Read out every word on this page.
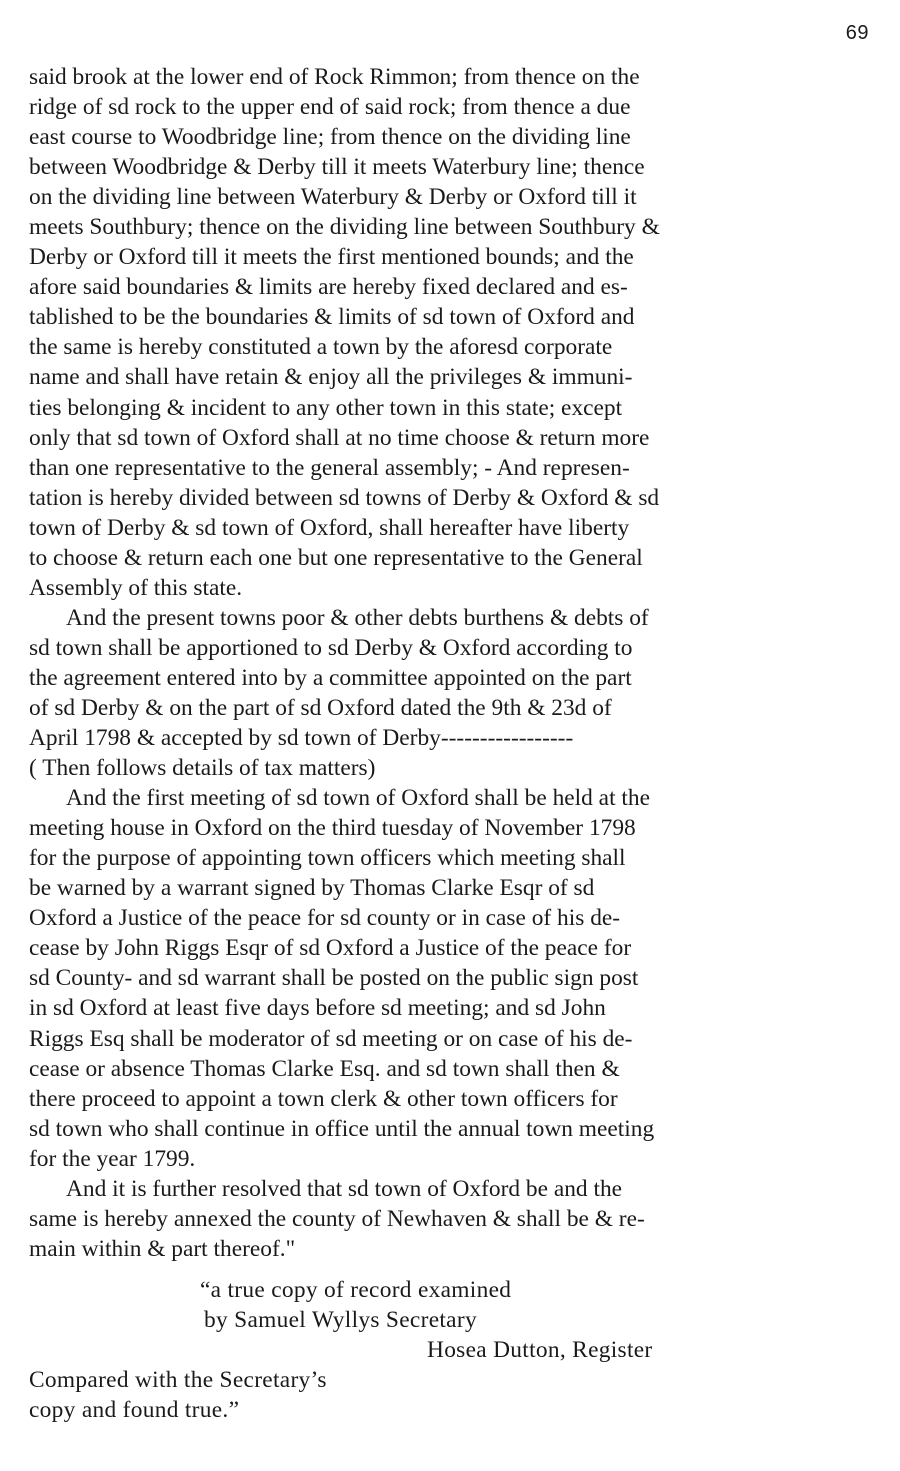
69
said brook at the lower end of Rock Rimmon; from thence on the
ridge of sd rock to the upper end of said rock; from thence a due
east course to Woodbridge line; from thence on the dividing line
between Woodbridge & Derby till it meets Waterbury line; thence
on the dividing line between Waterbury & Derby or Oxford till it
meets Southbury; thence on the dividing line between Southbury &
Derby or Oxford till it meets the first mentioned bounds; and the
afore said boundaries & limits are hereby fixed declared and es-
tablished to be the boundaries & limits of sd town of Oxford and
the same is hereby constituted a town by the aforesd corporate
name and shall have retain & enjoy all the privileges & immuni-
ties belonging & incident to any other town in this state; except
only that sd town of Oxford shall at no time choose & return more
than one representative to the general assembly; - And represen-
tation is hereby divided between sd towns of Derby & Oxford & sd
town of Derby & sd town of Oxford, shall hereafter have liberty
to choose & return each one but one representative to the General
Assembly of this state.
And the present towns poor & other debts burthens & debts of
sd town shall be apportioned to sd Derby & Oxford according to
the agreement entered into by a committee appointed on the part
of sd Derby & on the part of sd Oxford dated the 9th & 23d of
April 1798 & accepted by sd town of Derby-----------------
( Then follows details of tax matters)
And the first meeting of sd town of Oxford shall be held at the
meeting house in Oxford on the third tuesday of November 1798
for the purpose of appointing town officers which meeting shall
be warned by a warrant signed by Thomas Clarke Esqr of sd
Oxford a Justice of the peace for sd county or in case of his de-
cease by John Riggs Esqr of sd Oxford a Justice of the peace for
sd County- and sd warrant shall be posted on the public sign post
in sd Oxford at least five days before sd meeting; and sd John
Riggs Esq shall be moderator of sd meeting or on case of his de-
cease or absence Thomas Clarke Esq. and sd town shall then &
there proceed to appoint a town clerk & other town officers for
sd town who shall continue in office until the annual town meeting
for the year 1799.
And it is further resolved that sd town of Oxford be and the
same is hereby annexed the county of Newhaven & shall be & re-
main within & part thereof."
“a true copy of record examined
by Samuel Wyllys Secretary
Hosea Dutton, Register
Compared with the Secretary’s
copy and found true.”
